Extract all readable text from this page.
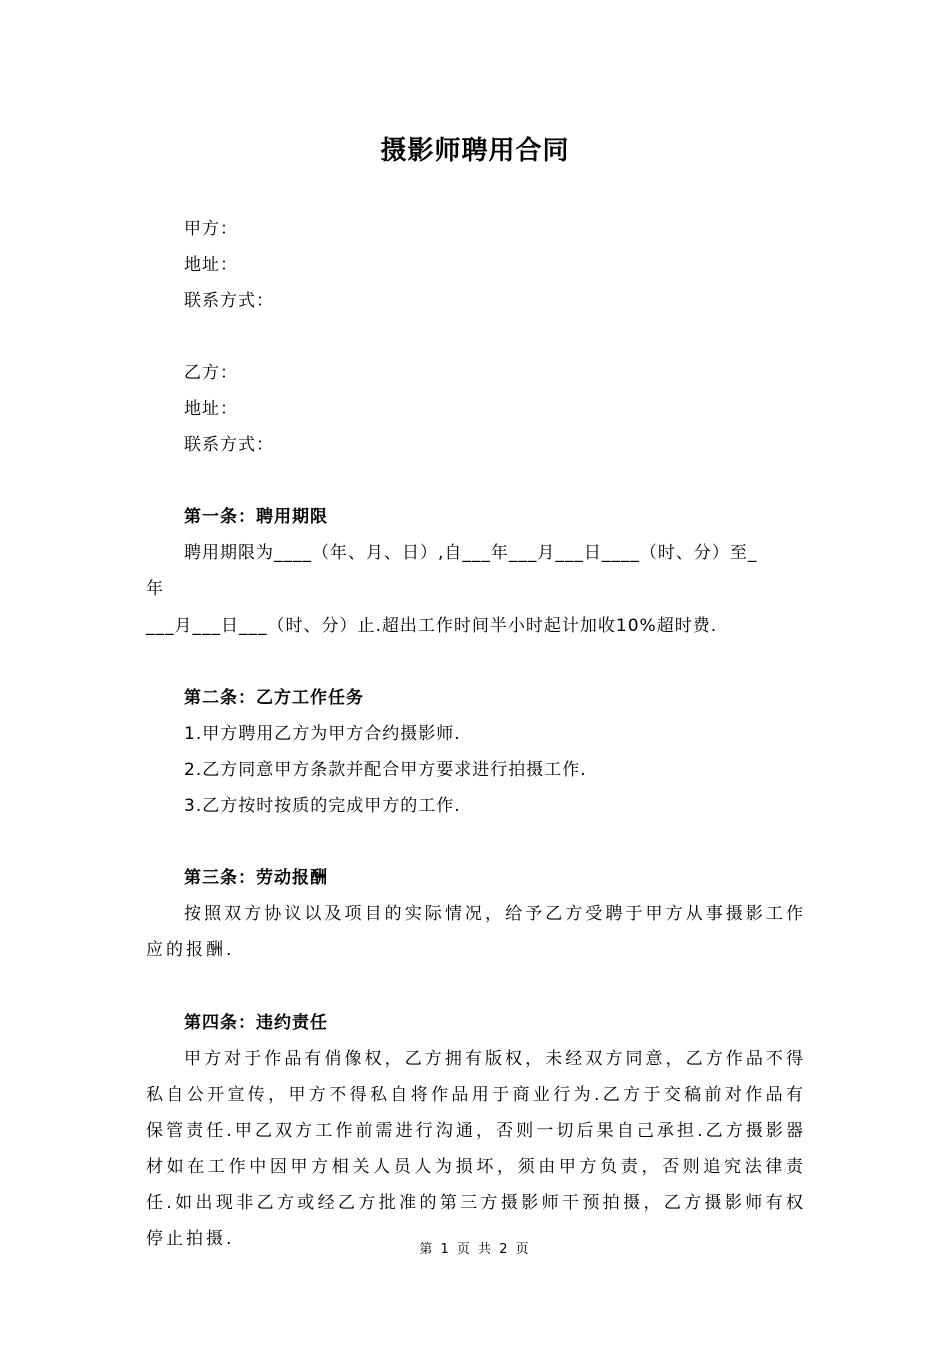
摄影师聘用合同
甲方：
地址：
联系方式：
乙方：
地址：
联系方式：
第一条：聘用期限
聘用期限为____（年、月、日）,自___年___月___日____（时、分）至_
年
___月___日___（时、分）止.超出工作时间半小时起计加收10%超时费.
第二条：乙方工作任务
1.甲方聘用乙方为甲方合约摄影师.
2.乙方同意甲方条款并配合甲方要求进行拍摄工作.
3.乙方按时按质的完成甲方的工作.
第三条：劳动报酬
按照双方协议以及项目的实际情况，给予乙方受聘于甲方从事摄影工作应的报酬.
第四条：违约责任
甲方对于作品有俏像权，乙方拥有版权，未经双方同意，乙方作品不得私自公开宣传，甲方不得私自将作品用于商业行为.乙方于交稿前对作品有保管责任.甲乙双方工作前需进行沟通，否则一切后果自己承担.乙方摄影器材如在工作中因甲方相关人员人为损坏，须由甲方负责，否则追究法律责任.如出现非乙方或经乙方批准的第三方摄影师干预拍摄，乙方摄影师有权停止拍摄.
第 1 页 共 2 页
